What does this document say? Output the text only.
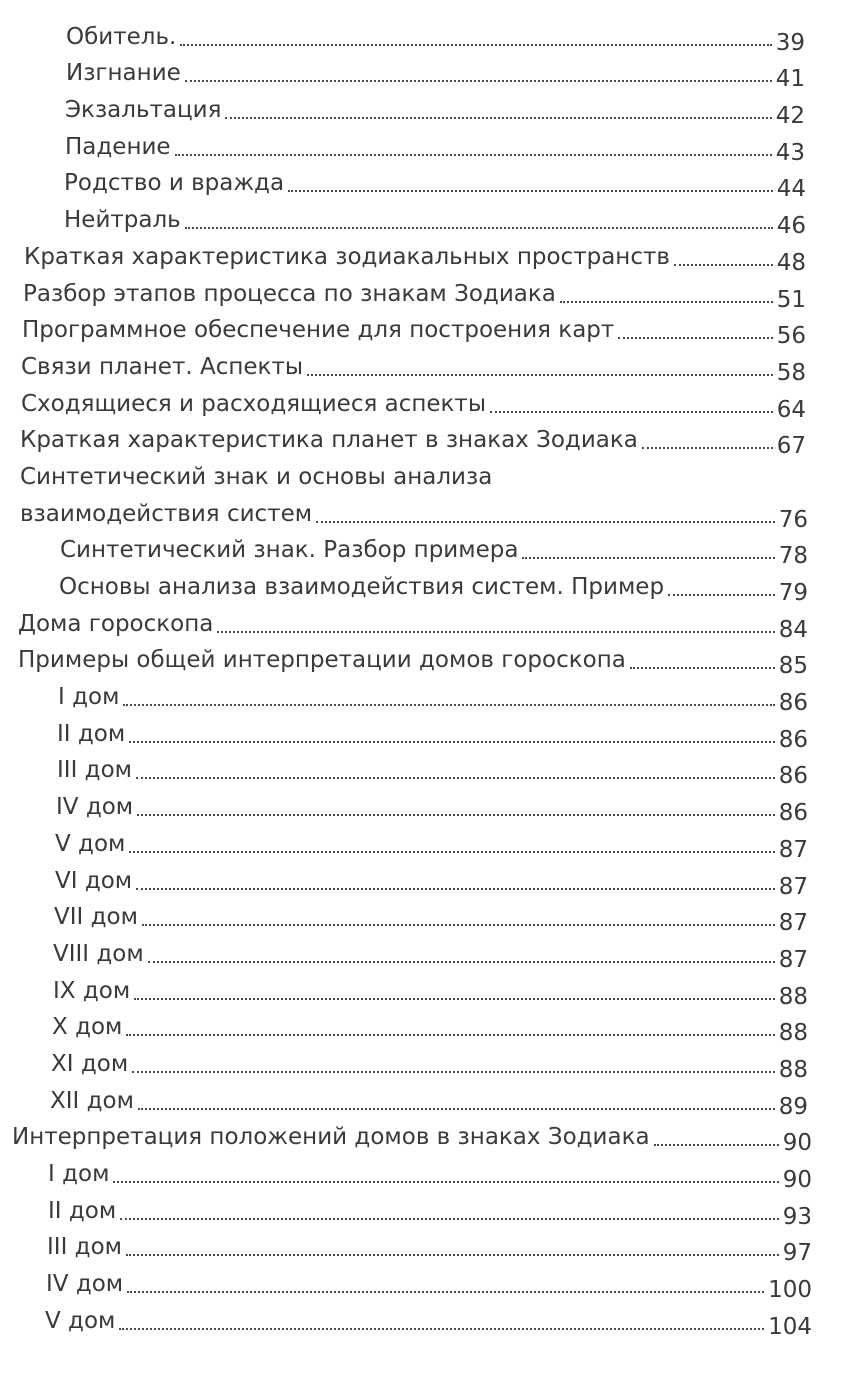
Обитель.	39
Изгнание	41
Экзальтация	42
Падение	43
Родство и вражда	44
Нейтраль	46
Краткая характеристика зодиакальных пространств	48
Разбор этапов процесса по знакам Зодиака	51
Программное обеспечение для построения карт	56
Связи планет. Аспекты	58
Сходящиеся и расходящиеся аспекты	64
Краткая характеристика планет в знаках Зодиака	67
Синтетический знак и основы анализа
взаимодействия систем	76
Синтетический знак. Разбор примера	78
Основы анализа взаимодействия систем. Пример	79
Дома гороскопа	84
Примеры общей интерпретации домов гороскопа	85
I дом	86
II дом	86
III дом	86
IV дом	86
V дом	87
VI дом	87
VII дом	87
VIII дом	87
IX дом	88
X дом	88
XI дом	88
XII дом	89
Интерпретация положений домов в знаках Зодиака	90
I дом	90
II дом	93
III дом	97
IV дом	100
V дом	104
